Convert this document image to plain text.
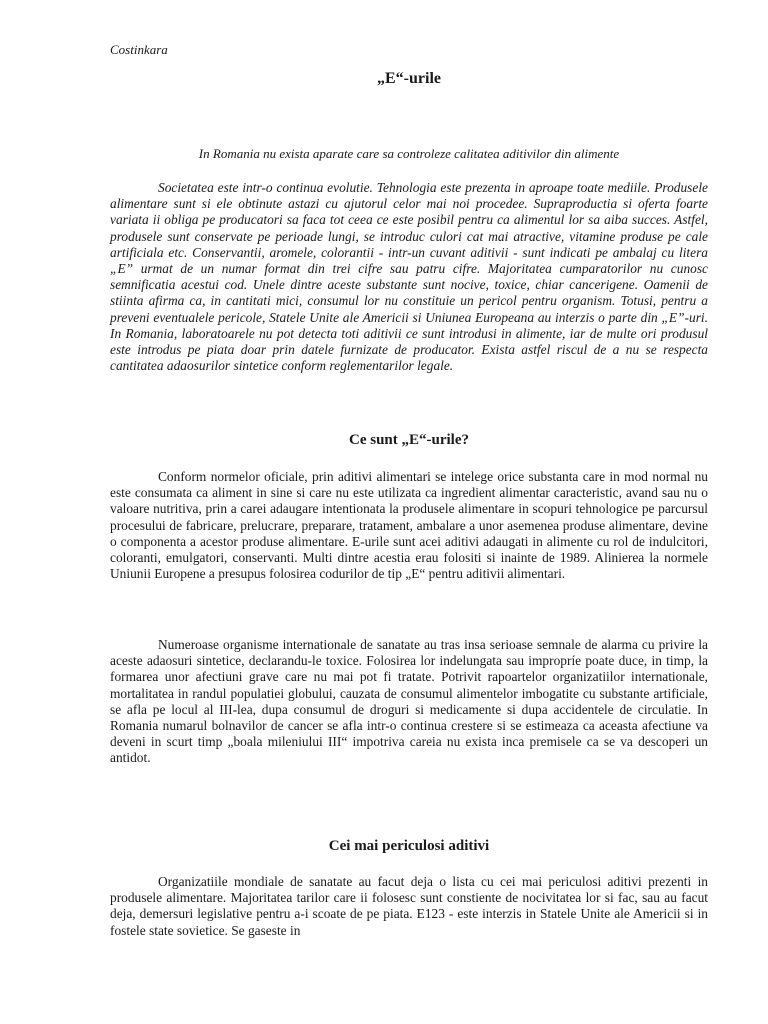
Costinkara
„E“-urile
In Romania nu exista aparate care sa controleze calitatea aditivilor din alimente

Societatea este intr-o continua evolutie. Tehnologia este prezenta in aproape toate mediile. Produsele alimentare sunt si ele obtinute astazi cu ajutorul celor mai noi procedee. Supraproductia si oferta foarte variata ii obliga pe producatori sa faca tot ceea ce este posibil pentru ca alimentul lor sa aiba succes. Astfel, produsele sunt conservate pe perioade lungi, se introduc culori cat mai atractive, vitamine produse pe cale artificiala etc. Conservantii, aromele, colorantii - intr-un cuvant aditivii - sunt indicati pe ambalaj cu litera „E” urmat de un numar format din trei cifre sau patru cifre. Majoritatea cumparatorilor nu cunosc semnificatia acestui cod. Unele dintre aceste substante sunt nocive, toxice, chiar cancerigene. Oamenii de stiinta afirma ca, in cantitati mici, consumul lor nu constituie un pericol pentru organism. Totusi, pentru a preveni eventualele pericole, Statele Unite ale Americii si Uniunea Europeana au interzis o parte din „E”-uri. In Romania, laboratoarele nu pot detecta toti aditivii ce sunt introdusi in alimente, iar de multe ori produsul este introdus pe piata doar prin datele furnizate de producator. Exista astfel riscul de a nu se respecta cantitatea adaosurilor sintetice conform reglementarilor legale.

Ce sunt „E“-urile?

Conform normelor oficiale, prin aditivi alimentari se intelege orice substanta care in mod normal nu este consumata ca aliment in sine si care nu este utilizata ca ingredient alimentar caracteristic, avand sau nu o valoare nutritiva, prin a carei adaugare intentionata la produsele alimentare in scopuri tehnologice pe parcursul procesului de fabricare, prelucrare, preparare, tratament, ambalare a unor asemenea produse alimentare, devine o componenta a acestor produse alimentare. E-urile sunt acei aditivi adaugati in alimente cu rol de indulcitori, coloranti, emulgatori, conservanti. Multi dintre acestia erau folositi si inainte de 1989. Alinierea la normele Uniunii Europene a presupus folosirea codurilor de tip „E“ pentru aditivii alimentari.

Numeroase organisme internationale de sanatate au tras insa serioase semnale de alarma cu privire la aceste adaosuri sintetice, declarandu-le toxice. Folosirea lor indelungata sau impropríe poate duce, in timp, la formarea unor afectiuni grave care nu mai pot fi tratate. Potrivit rapoartelor organizatiilor internationale, mortalitatea in randul populatiei globului, cauzata de consumul alimentelor imbogatite cu substante artificiale, se afla pe locul al III-lea, dupa consumul de droguri si medicamente si dupa accidentele de circulatie. In Romania numarul bolnavilor de cancer se afla intr-o continua crestere si se estimeaza ca aceasta afectiune va deveni in scurt timp „boala mileniului III“ impotriva careia nu exista inca premisele ca se va descoperi un antidot.

Cei mai periculosi aditivi

Organizatiile mondiale de sanatate au facut deja o lista cu cei mai periculosi aditivi prezenti in produsele alimentare. Majoritatea tarilor care ii folosesc sunt constiente de nocivitatea lor si fac, sau au facut deja, demersuri legislative pentru a-i scoate de pe piata. E123 - este interzis in Statele Unite ale Americii si in fostele state sovietice. Se gaseste in
